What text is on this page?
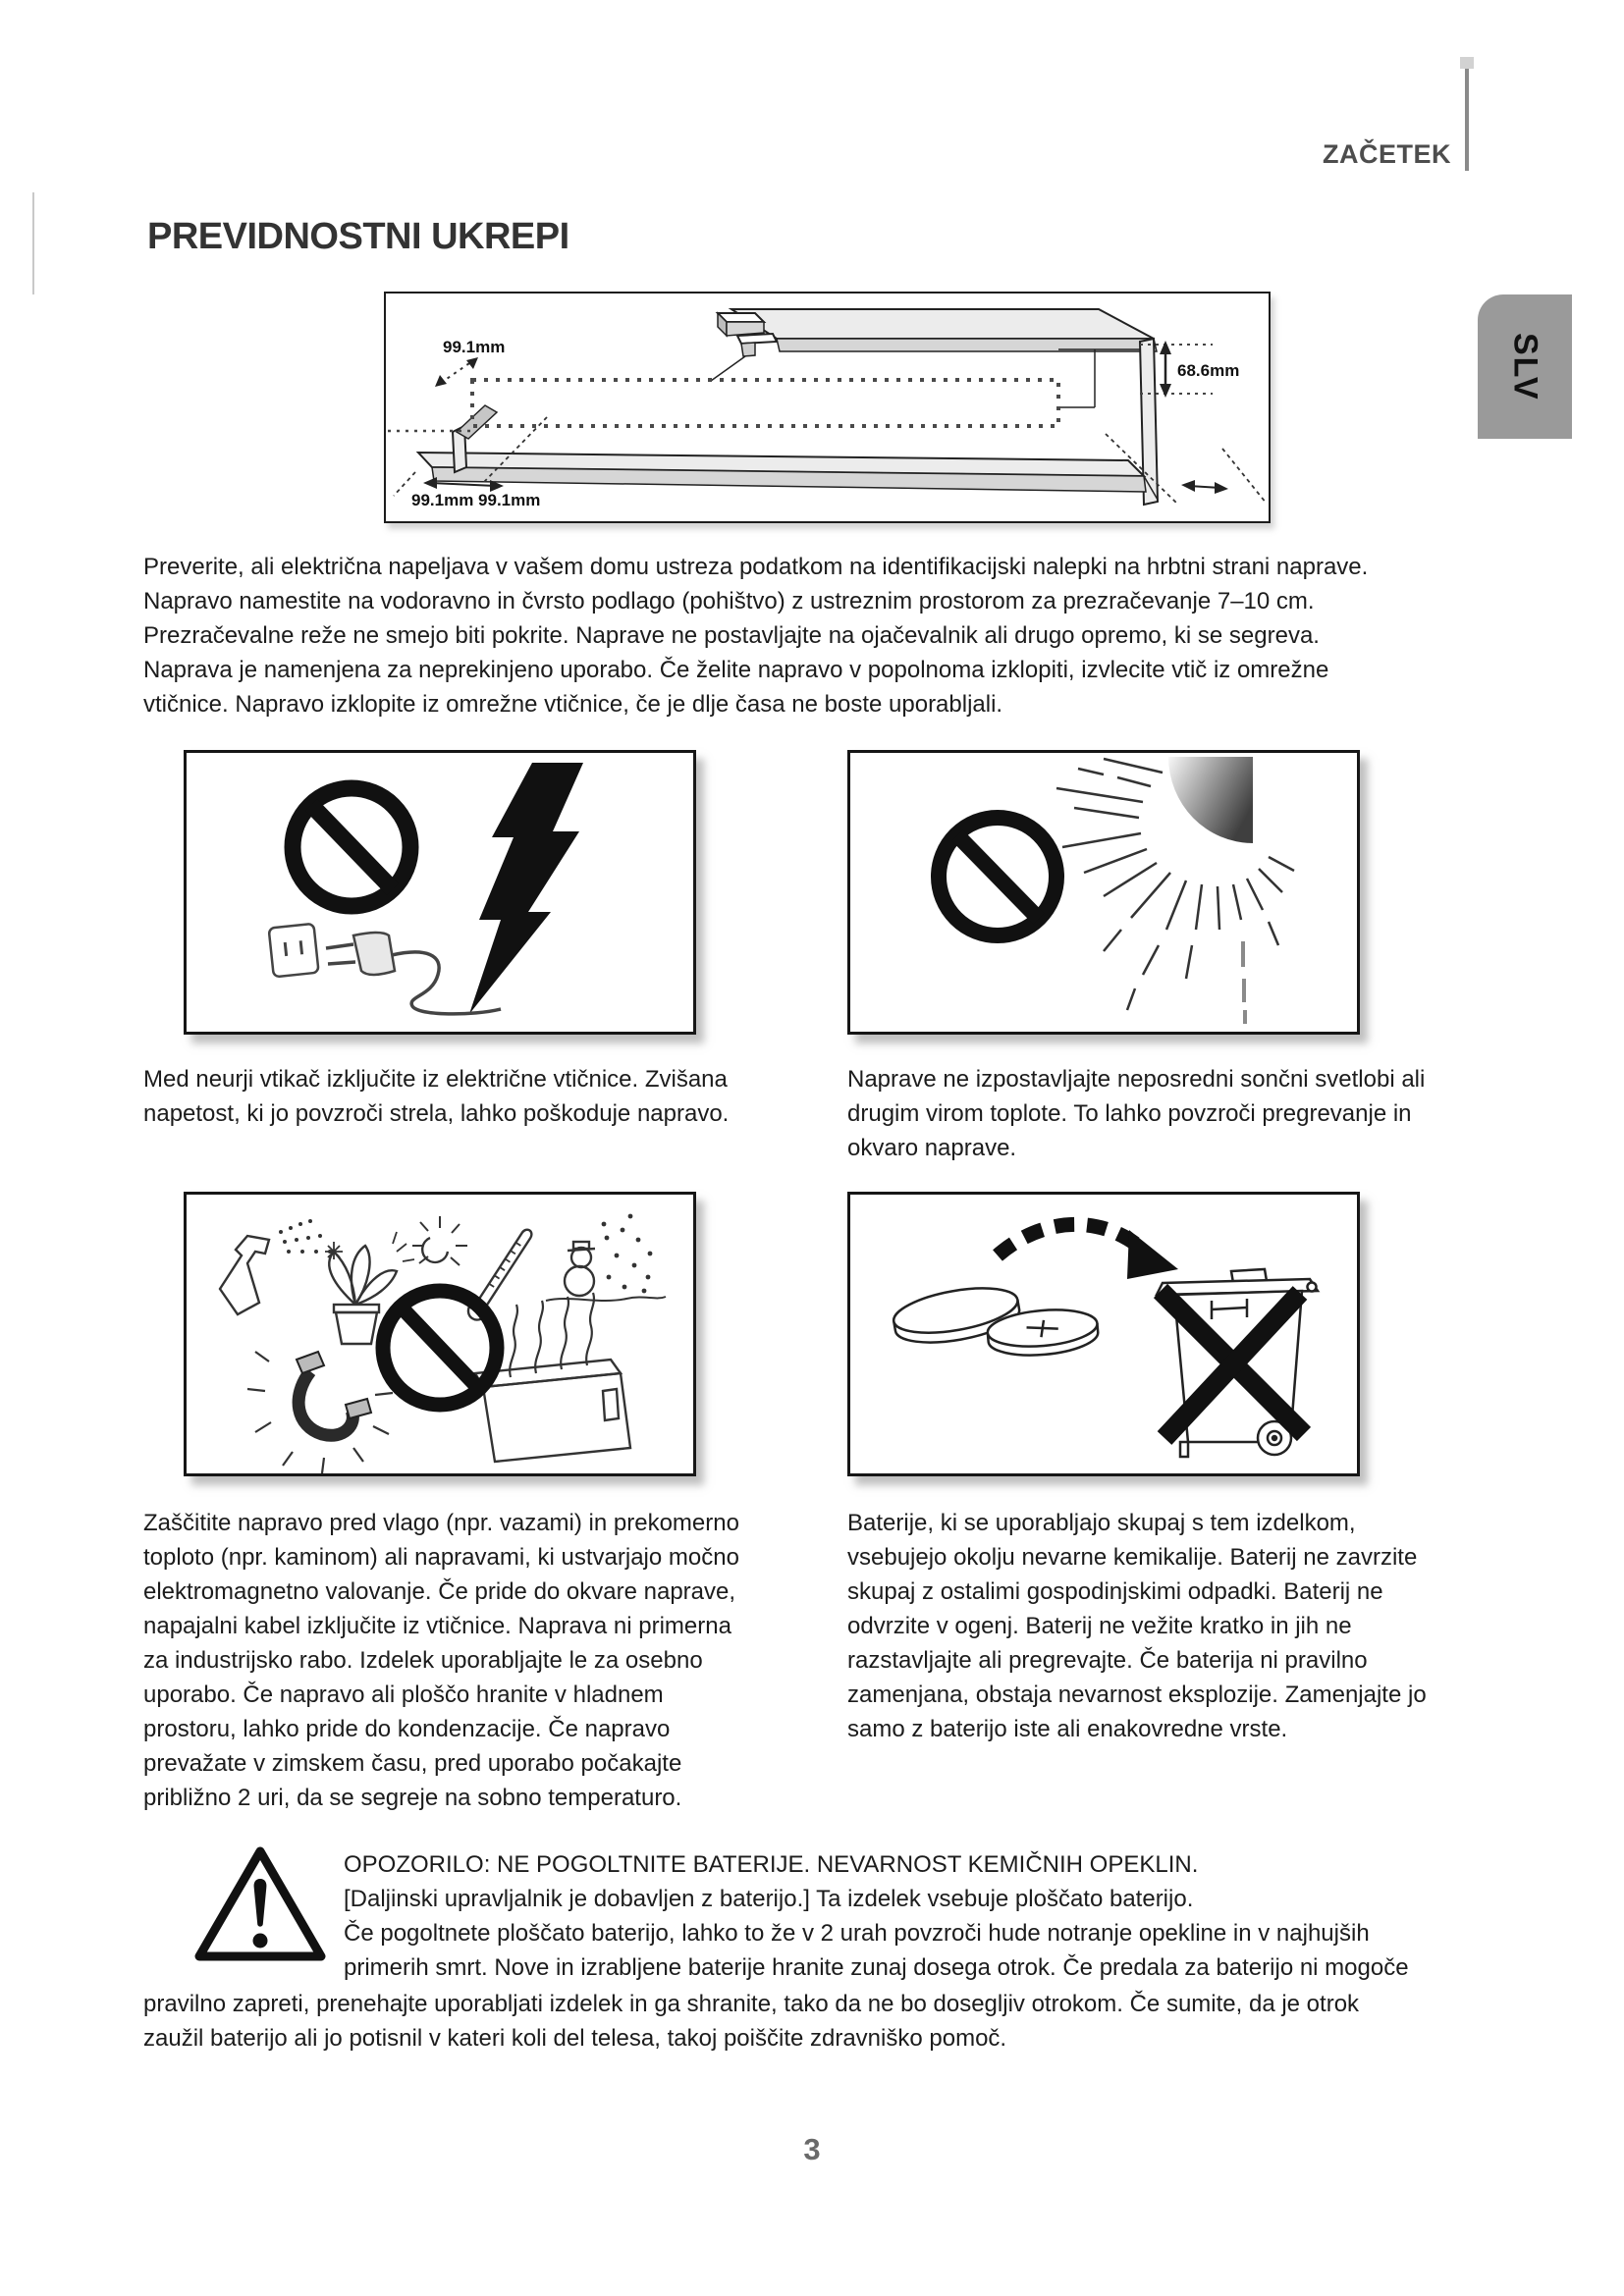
ZAČETEK
SLV
PREVIDNOSTNI UKREPI
99.1mm
99.1mm 99.1mm
68.6mm
Preverite, ali električna napeljava v vašem domu ustreza podatkom na identifikacijski nalepki na hrbtni strani naprave.
Napravo namestite na vodoravno in čvrsto podlago (pohištvo) z ustreznim prostorom za prezračevanje 7–10 cm.
Prezračevalne reže ne smejo biti pokrite. Naprave ne postavljajte na ojačevalnik ali drugo opremo, ki se segreva.
Naprava je namenjena za neprekinjeno uporabo. Če želite napravo v popolnoma izklopiti, izvlecite vtič iz omrežne
vtičnice. Napravo izklopite iz omrežne vtičnice, če je dlje časa ne boste uporabljali.
Med neurji vtikač izključite iz električne vtičnice. Zvišana
napetost, ki jo povzroči strela, lahko poškoduje napravo.
Naprave ne izpostavljajte neposredni sončni svetlobi ali
drugim virom toplote. To lahko povzroči pregrevanje in
okvaro naprave.
Zaščitite napravo pred vlago (npr. vazami) in prekomerno
toploto (npr. kaminom) ali napravami, ki ustvarjajo močno
elektromagnetno valovanje. Če pride do okvare naprave,
napajalni kabel izključite iz vtičnice. Naprava ni primerna
za industrijsko rabo. Izdelek uporabljajte le za osebno
uporabo. Če napravo ali ploščo hranite v hladnem
prostoru, lahko pride do kondenzacije. Če napravo
prevažate v zimskem času, pred uporabo počakajte
približno 2 uri, da se segreje na sobno temperaturo.
Baterije, ki se uporabljajo skupaj s tem izdelkom,
vsebujejo okolju nevarne kemikalije. Baterij ne zavrzite
skupaj z ostalimi gospodinjskimi odpadki. Baterij ne
odvrzite v ogenj. Baterij ne vežite kratko in jih ne
razstavljajte ali pregrevajte. Če baterija ni pravilno
zamenjana, obstaja nevarnost eksplozije. Zamenjajte jo
samo z baterijo iste ali enakovredne vrste.
OPOZORILO: NE POGOLTNITE BATERIJE. NEVARNOST KEMIČNIH OPEKLIN.
[Daljinski upravljalnik je dobavljen z baterijo.] Ta izdelek vsebuje ploščato baterijo.
Če pogoltnete ploščato baterijo, lahko to že v 2 urah povzroči hude notranje opekline in v najhujših
primerih smrt. Nove in izrabljene baterije hranite zunaj dosega otrok. Če predala za baterijo ni mogoče
pravilno zapreti, prenehajte uporabljati izdelek in ga shranite, tako da ne bo dosegljiv otrokom. Če sumite, da je otrok
zaužil baterijo ali jo potisnil v kateri koli del telesa, takoj poiščite zdravniško pomoč.
3
